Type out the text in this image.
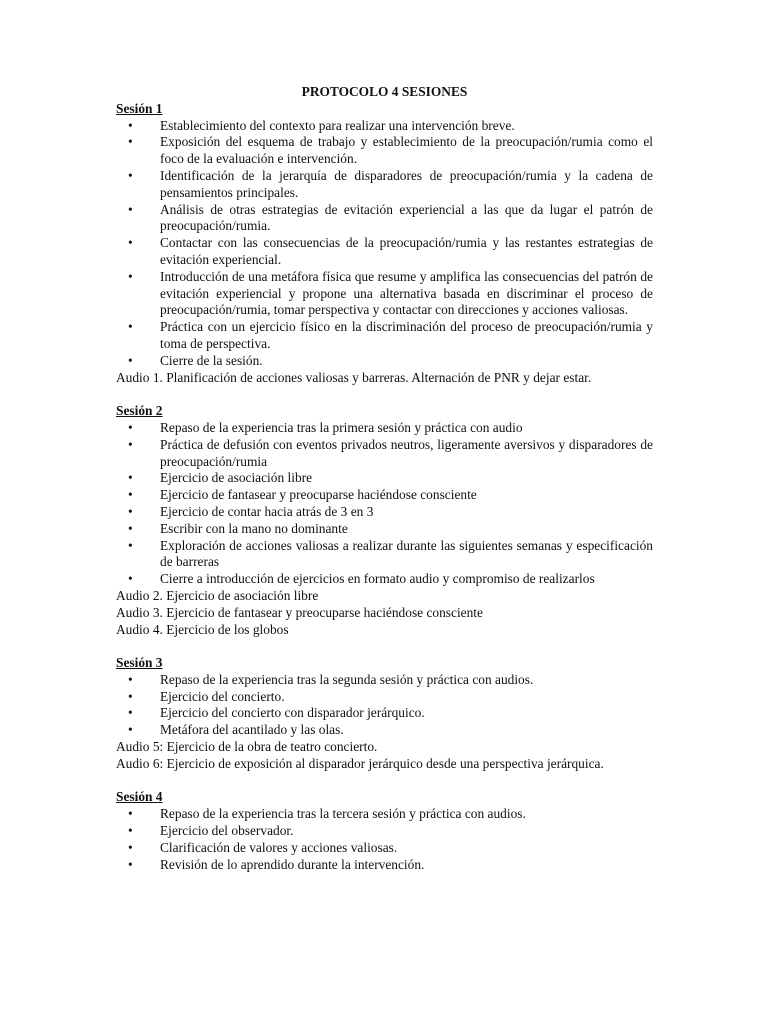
PROTOCOLO 4 SESIONES

Sesión 1

• Establecimiento del contexto para realizar una intervención breve.
• Exposición del esquema de trabajo y establecimiento de la preocupación/rumia como el foco de la evaluación e intervención.
• Identificación de la jerarquía de disparadores de preocupación/rumia y la cadena de pensamientos principales.
• Análisis de otras estrategias de evitación experiencial a las que da lugar el patrón de preocupación/rumia.
• Contactar con las consecuencias de la preocupación/rumia y las restantes estrategias de evitación experiencial.
• Introducción de una metáfora física que resume y amplifica las consecuencias del patrón de evitación experiencial y propone una alternativa basada en discriminar el proceso de preocupación/rumia, tomar perspectiva y contactar con direcciones y acciones valiosas.
• Práctica con un ejercicio físico en la discriminación del proceso de preocupación/rumia y toma de perspectiva.
• Cierre de la sesión.

Audio 1. Planificación de acciones valiosas y barreras. Alternación de PNR y dejar estar.

Sesión 2

• Repaso de la experiencia tras la primera sesión y práctica con audio
• Práctica de defusión con eventos privados neutros, ligeramente aversivos y disparadores de preocupación/rumia
• Ejercicio de asociación libre
• Ejercicio de fantasear y preocuparse haciéndose consciente
• Ejercicio de contar hacia atrás de 3 en 3
• Escribir con la mano no dominante
• Exploración de acciones valiosas a realizar durante las siguientes semanas y especificación de barreras
• Cierre a introducción de ejercicios en formato audio y compromiso de realizarlos

Audio 2. Ejercicio de asociación libre

Audio 3. Ejercicio de fantasear y preocuparse haciéndose consciente

Audio 4. Ejercicio de los globos

Sesión 3

• Repaso de la experiencia tras la segunda sesión y práctica con audios.
• Ejercicio del concierto.
• Ejercicio del concierto con disparador jerárquico.
• Metáfora del acantilado y las olas.

Audio 5: Ejercicio de la obra de teatro concierto.

Audio 6: Ejercicio de exposición al disparador jerárquico desde una perspectiva jerárquica.

Sesión 4

• Repaso de la experiencia tras la tercera sesión y práctica con audios.
• Ejercicio del observador.
• Clarificación de valores y acciones valiosas.
• Revisión de lo aprendido durante la intervención.
